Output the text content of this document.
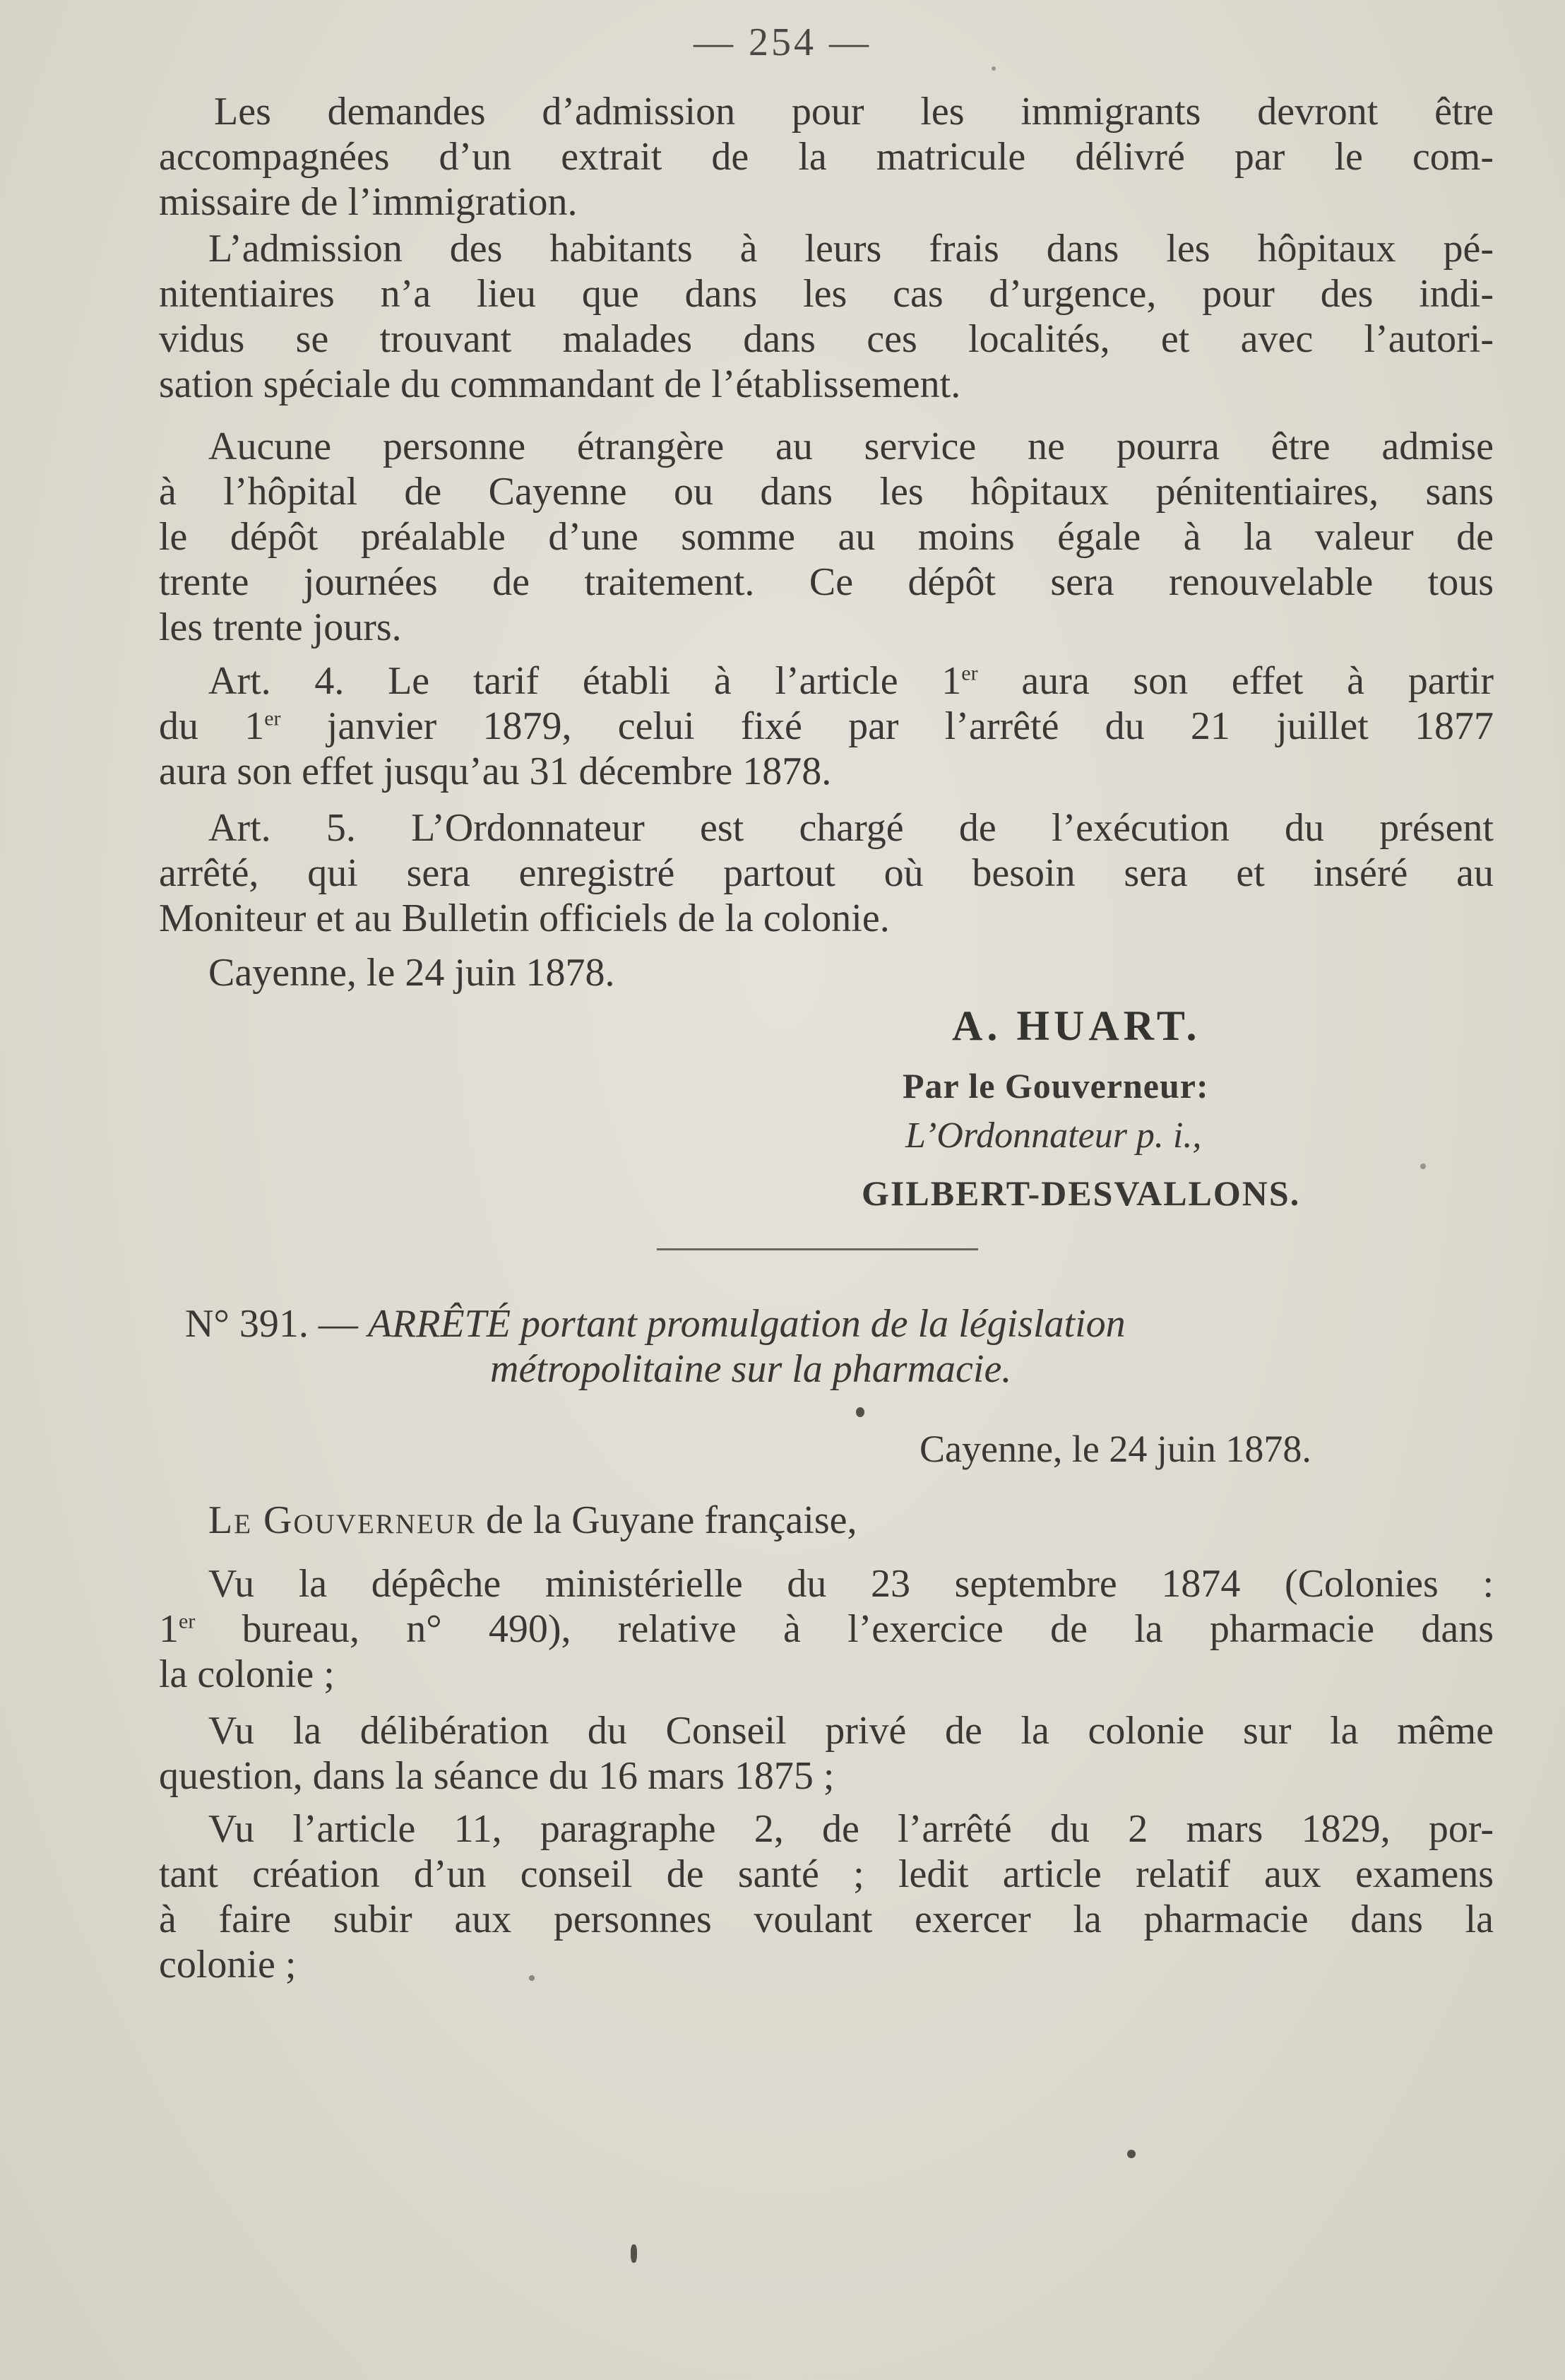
— 254 —
Les demandes d’admission pour les immigrants devront être
accompagnées d’un extrait de la matricule délivré par le com-
missaire de l’immigration.
L’admission des habitants à leurs frais dans les hôpitaux pé-
nitentiaires n’a lieu que dans les cas d’urgence, pour des indi-
vidus se trouvant malades dans ces localités, et avec l’autori-
sation spéciale du commandant de l’établissement.
Aucune personne étrangère au service ne pourra être admise
à l’hôpital de Cayenne ou dans les hôpitaux pénitentiaires, sans
le dépôt préalable d’une somme au moins égale à la valeur de
trente journées de traitement. Ce dépôt sera renouvelable tous
les trente jours.
Art. 4. Le tarif établi à l’article 1er aura son effet à partir
du 1er janvier 1879, celui fixé par l’arrêté du 21 juillet 1877
aura son effet jusqu’au 31 décembre 1878.
Art. 5. L’Ordonnateur est chargé de l’exécution du présent
arrêté, qui sera enregistré partout où besoin sera et inséré au
Moniteur et au Bulletin officiels de la colonie.
Cayenne, le 24 juin 1878.
A. HUART.
Par le Gouverneur:
L’Ordonnateur p. i.,
GILBERT-DESVALLONS.
N° 391. — ARRÊTÉ portant promulgation de la législation
métropolitaine sur la pharmacie.
Cayenne, le 24 juin 1878.
Le Gouverneur de la Guyane française,
Vu la dépêche ministérielle du 23 septembre 1874 (Colonies :
1er bureau, n° 490), relative à l’exercice de la pharmacie dans
la colonie ;
Vu la délibération du Conseil privé de la colonie sur la même
question, dans la séance du 16 mars 1875 ;
Vu l’article 11, paragraphe 2, de l’arrêté du 2 mars 1829, por-
tant création d’un conseil de santé ; ledit article relatif aux examens
à faire subir aux personnes voulant exercer la pharmacie dans la
colonie ;
